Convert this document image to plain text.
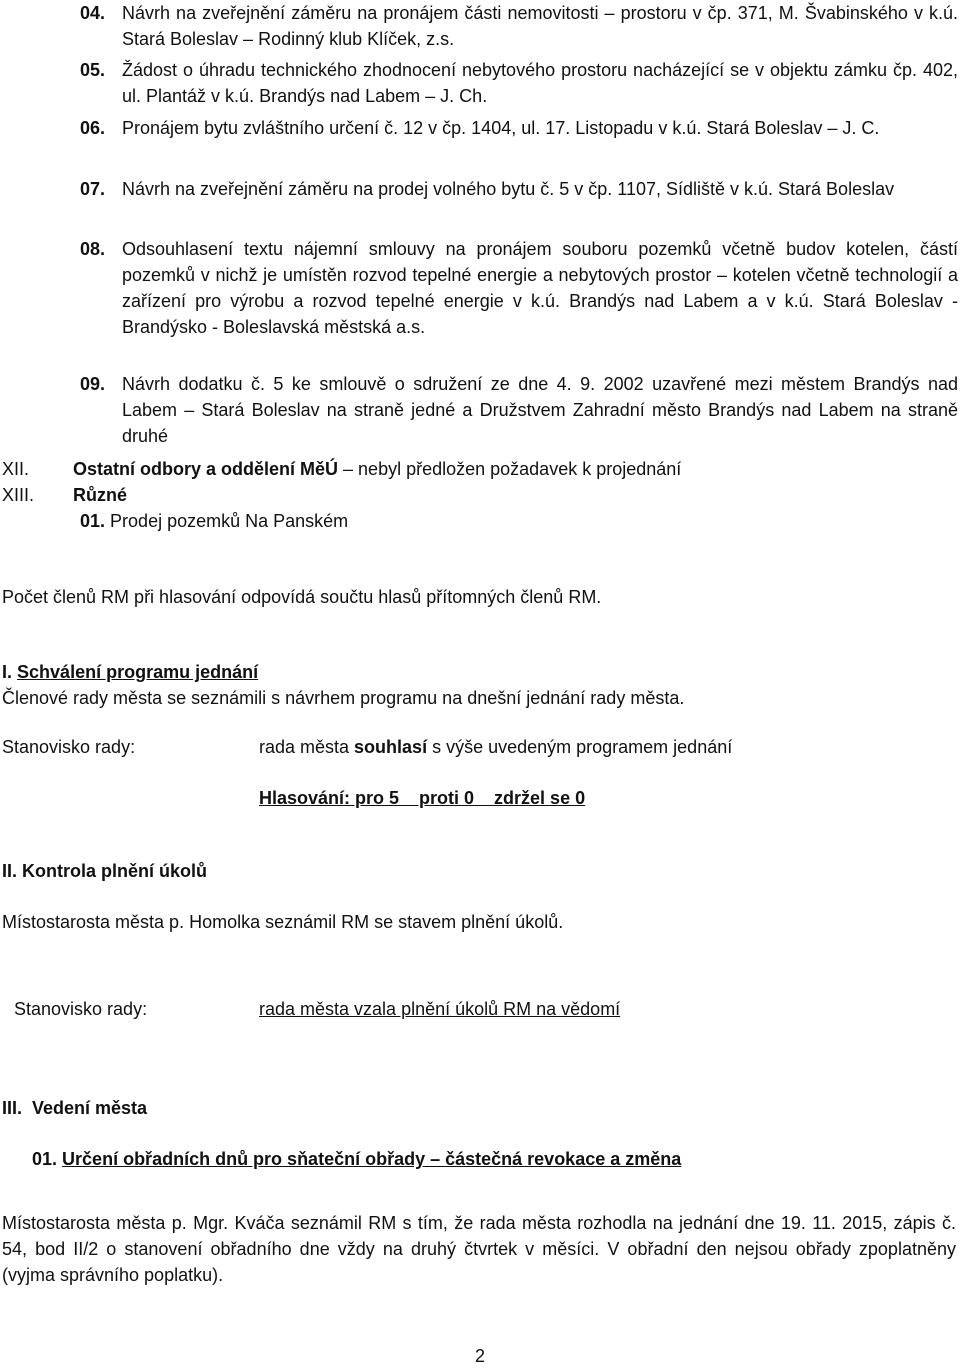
04. Návrh na zveřejnění záměru na pronájem části nemovitosti – prostoru v čp. 371, M. Švabinského v k.ú. Stará Boleslav – Rodinný klub Klíček, z.s.
05. Žádost o úhradu technického zhodnocení nebytového prostoru nacházející se v objektu zámku čp. 402, ul. Plantáž v k.ú. Brandýs nad Labem – J. Ch.
06. Pronájem bytu zvláštního určení č. 12 v čp. 1404, ul. 17. Listopadu v k.ú. Stará Boleslav – J. C.
07. Návrh na zveřejnění záměru na prodej volného bytu č. 5 v čp. 1107, Sídliště v k.ú. Stará Boleslav
08. Odsouhlasení textu nájemní smlouvy na pronájem souboru pozemků včetně budov kotelen, částí pozemků v nichž je umístěn rozvod tepelné energie a nebytových prostor – kotelen včetně technologií a zařízení pro výrobu a rozvod tepelné energie v k.ú. Brandýs nad Labem a v k.ú. Stará Boleslav - Brandýsko - Boleslavská městská a.s.
09. Návrh dodatku č. 5 ke smlouvě o sdružení ze dne 4. 9. 2002 uzavřené mezi městem Brandýs nad Labem – Stará Boleslav na straně jedné a Družstvem Zahradní město Brandýs nad Labem na straně druhé
XII. Ostatní odbory a oddělení MěÚ – nebyl předložen požadavek k projednání
XIII. Různé
01. Prodej pozemků Na Panském
Počet členů RM při hlasování odpovídá součtu hlasů přítomných členů RM.
I. Schválení programu jednání
Členové rady města se seznámili s návrhem programu na dnešní jednání rady města.
Stanovisko rady:	rada města souhlasí s výše uvedeným programem jednání
Hlasování: pro 5    proti 0    zdržel se 0
II. Kontrola plnění úkolů
Místostarosta města p. Homolka seznámil RM se stavem plnění úkolů.
Stanovisko rady:	rada města vzala plnění úkolů RM na vědomí
III.  Vedení města
01. Určení obřadních dnů pro sňateční obřady – částečná revokace a změna
Místostarosta města p. Mgr. Kváča seznámil RM s tím, že rada města rozhodla na jednání dne 19. 11. 2015, zápis č. 54, bod II/2 o stanovení obřadního dne vždy na druhý čtvrtek v měsíci. V obřadní den nejsou obřady zpoplatněny (vyjma správního poplatku).
2
